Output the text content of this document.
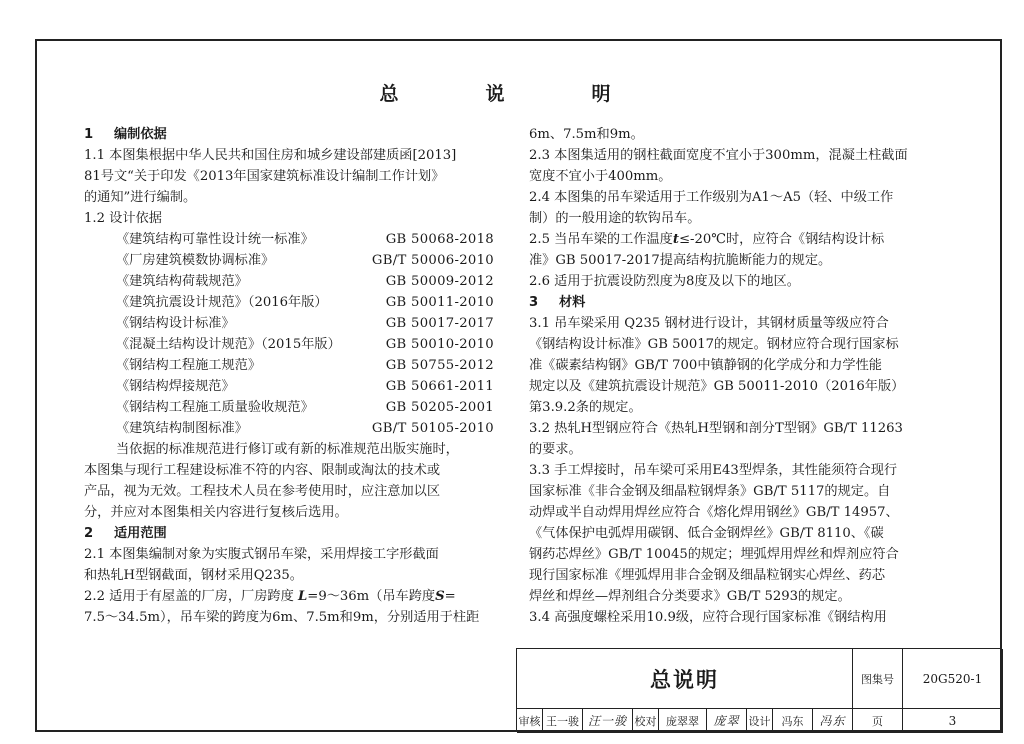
总　说　明
1 编制依据
1.1 本图集根据中华人民共和国住房和城乡建设部建质函[2013]
81号文“关于印发《2013年国家建筑标准设计编制工作计划》
的通知”进行编制。
1.2 设计依据
《建筑结构可靠性设计统一标准》	GB 50068-2018
《厂房建筑模数协调标准》	GB/T 50006-2010
《建筑结构荷载规范》	GB 50009-2012
《建筑抗震设计规范》（2016年版）	GB 50011-2010
《钢结构设计标准》	GB 50017-2017
《混凝土结构设计规范》（2015年版）	GB 50010-2010
《钢结构工程施工规范》	GB 50755-2012
《钢结构焊接规范》	GB 50661-2011
《钢结构工程施工质量验收规范》	GB 50205-2001
《建筑结构制图标准》	GB/T 50105-2010
当依据的标准规范进行修订或有新的标准规范出版实施时，
本图集与现行工程建设标准不符的内容、限制或淘汰的技术或
产品，视为无效。工程技术人员在参考使用时，应注意加以区
分，并应对本图集相关内容进行复核后选用。
2 适用范围
2.1 本图集编制对象为实腹式钢吊车梁，采用焊接工字形截面
和热轧H型钢截面，钢材采用Q235。
2.2 适用于有屋盖的厂房，厂房跨度 L=9～36m（吊车跨度S=
7.5～34.5m），吊车梁的跨度为6m、7.5m和9m，分别适用于柱距
6m、7.5m和9m。
2.3 本图集适用的钢柱截面宽度不宜小于300mm，混凝土柱截面
宽度不宜小于400mm。
2.4 本图集的吊车梁适用于工作级别为A1～A5（轻、中级工作
制）的一般用途的软钩吊车。
2.5 当吊车梁的工作温度t≤-20℃时，应符合《钢结构设计标
准》GB 50017-2017提高结构抗脆断能力的规定。
2.6 适用于抗震设防烈度为8度及以下的地区。
3 材料
3.1 吊车梁采用 Q235 钢材进行设计，其钢材质量等级应符合
《钢结构设计标准》GB 50017的规定。钢材应符合现行国家标
准《碳素结构钢》GB/T 700中镇静钢的化学成分和力学性能
规定以及《建筑抗震设计规范》GB 50011-2010（2016年版）
第3.9.2条的规定。
3.2 热轧H型钢应符合《热轧H型钢和剖分T型钢》GB/T 11263
的要求。
3.3 手工焊接时，吊车梁可采用E43型焊条，其性能须符合现行
国家标准《非合金钢及细晶粒钢焊条》GB/T 5117的规定。自
动焊或半自动焊用焊丝应符合《熔化焊用钢丝》GB/T 14957、
《气体保护电弧焊用碳钢、低合金钢焊丝》GB/T 8110、《碳
钢药芯焊丝》GB/T 10045的规定；埋弧焊用焊丝和焊剂应符合
现行国家标准《埋弧焊用非合金钢及细晶粒钢实心焊丝、药芯
焊丝和焊丝—焊剂组合分类要求》GB/T 5293的规定。
3.4 高强度螺栓采用10.9级，应符合现行国家标准《钢结构用
总说明	图集号	20G520-1
审核 王一骏 汪一骏 校对 庞翠翠	庞翠 设计	冯东	冯东	页	3
